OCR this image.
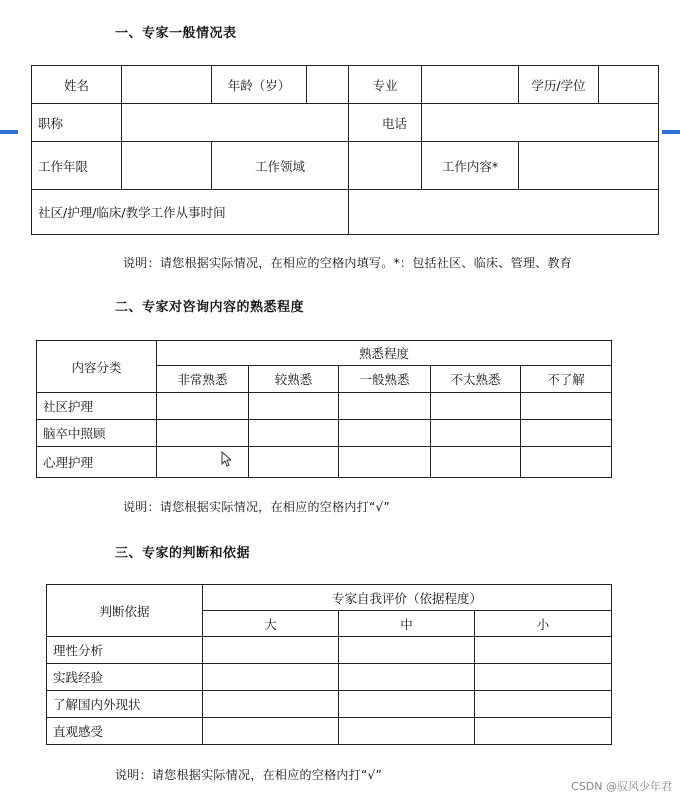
一、专家一般情况表
姓名		年龄（岁）		专业		学历/学位	
职称				电话			
工作年限		工作领域			工作内容*		
社区/护理/临床/教学工作从事时间							
说明：请您根据实际情况，在相应的空格内填写。*：包括社区、临床、管理、教育
二、专家对咨询内容的熟悉程度
内容分类	熟悉程度				
	非常熟悉	较熟悉	一般熟悉	不太熟悉	不了解
社区护理					
脑卒中照顾					
心理护理					
说明：请您根据实际情况，在相应的空格内打“√”
三、专家的判断和依据
判断依据	专家自我评价（依据程度）		
	大	中	小
理性分析			
实践经验			
了解国内外现状			
直观感受			
说明：请您根据实际情况，在相应的空格内打“√”
CSDN @驭风少年君
